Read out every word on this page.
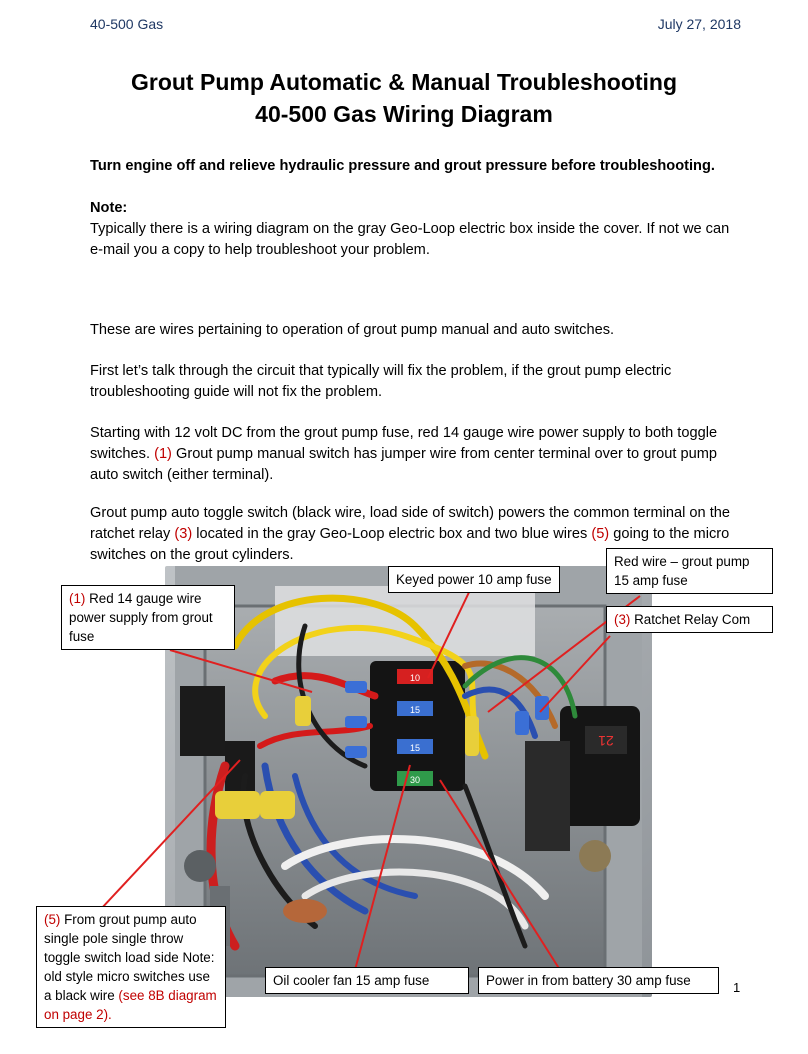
40-500 Gas	July 27, 2018
Grout Pump Automatic & Manual Troubleshooting
40-500 Gas Wiring Diagram
Turn engine off and relieve hydraulic pressure and grout pressure before troubleshooting.
Note:
Typically there is a wiring diagram on the gray Geo-Loop electric box inside the cover. If not we can e-mail you a copy to help troubleshoot your problem.
These are wires pertaining to operation of grout pump manual and auto switches.
First let’s talk through the circuit that typically will fix the problem, if the grout pump electric troubleshooting guide will not fix the problem.
Starting with 12 volt DC from the grout pump fuse, red 14 gauge wire power supply to both toggle switches. (1) Grout pump manual switch has jumper wire from center terminal over to grout pump auto switch (either terminal).
Grout pump auto toggle switch (black wire, load side of switch) powers the common terminal on the ratchet relay (3) located in the gray Geo-Loop electric box and two blue wires (5) going to the micro switches on the grout cylinders.
10
15
15
30
21
(1) Red 14 gauge wire power supply from grout fuse
Keyed power 10 amp fuse
Red wire – grout pump 15 amp fuse
(3) Ratchet Relay Com
(5) From grout pump auto single pole single throw toggle switch load side Note: old style micro switches use a black wire (see 8B diagram on page 2).
Oil cooler fan 15 amp fuse	Power in from battery 30 amp fuse	1
